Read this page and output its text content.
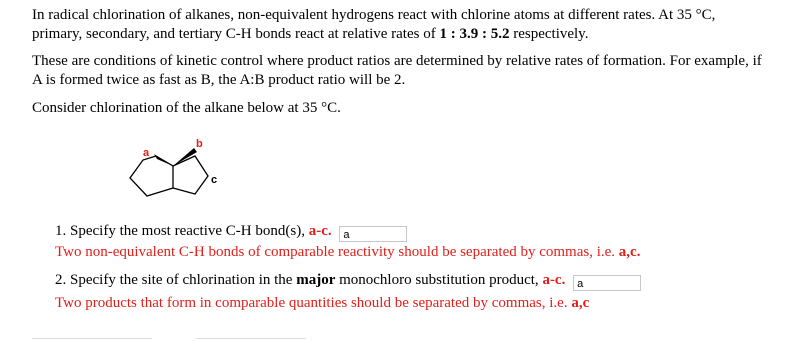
In radical chlorination of alkanes, non-equivalent hydrogens react with chlorine atoms at different rates. At 35 °C,
primary, secondary, and tertiary C-H bonds react at relative rates of 1 : 3.9 : 5.2 respectively.

These are conditions of kinetic control where product ratios are determined by relative rates of formation. For example, if
A is formed twice as fast as B, the A:B product ratio will be 2.

Consider chlorination of the alkane below at 35 °C.

a
b
c
1. Specify the most reactive C-H bond(s), a-c. a
Two non-equivalent C-H bonds of comparable reactivity should be separated by commas, i.e. a,c.
2. Specify the site of chlorination in the major monochloro substitution product, a-c. a
Two products that form in comparable quantities should be separated by commas, i.e. a,c
